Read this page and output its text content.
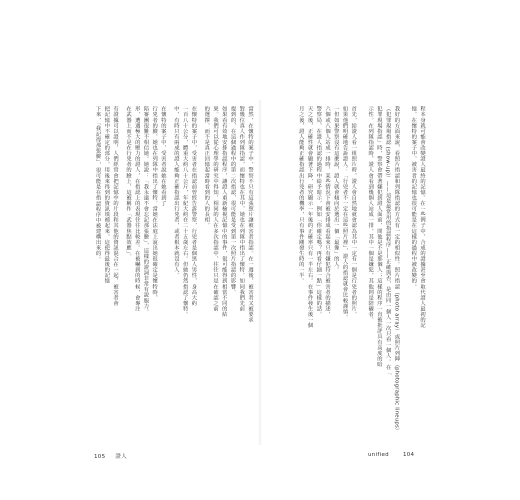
程本身就可能會改變證人最終的記憶。在一些例子中，合成的證據甚至會取代證人最初的記
憶。在懷特的案子中，被害者的記憶也很可能是在這樣的過程中被改變的。
我好的方面來說，看照片指認和列隊指認的方式有一定的相似性。照片指認（photo array）或照片列陣（photographic lineups）
（犯罪現場指認 (show-up)）——這是最常用的指認程序——正確與否，是由同一個人一次只看一個人。在「
犯罪現場指認」時，警察會帶著嫌犯到證人面前，問他是不是那個人；這樣的程序一直被批評具有高度的暗
示性。在列隊指認時，證人會看到幾個人站成一排，其中一個是嫌犯，其他則是陪襯者。
首先，給證人看一組照片時，證人會自然地就會認為其中一定有一個是行兇者的照片。
如果他們明確地告訴證人：「行兇者不一定在這些照片裡」，證人的指認就會比較謹慎。
一但如果警察沒有這麼說，證人就會傾向於選出一個「最像」的人。
六個或八個人站成一排時，某些情況下會被安排成看起來只有嫌犯符合被害者的描述，
警察局，在證人指認的過程中給予暗示，例如「你確定嗎？再看仔細一點」這樣的話。
天之後，正確性就會顯著下降，研究顯示一年後的正確率只有一半左右。在事件發生後一個
月之後，證人能夠正確指認出行兇者的機率，只有事件剛發生時的一半。
當然，在懷特的案子中，警察不只有這張照片讓被害者指認。在一週後，被害者又被要求
對幾位真人作列隊指認，而懷特也在其中，她也在列隊中指出了懷特。如同我們先前
提到的，在這個過程中的第二次指認，很可能是受到第一次照片指認的影響。
如果看有效地安排指認程序，讓證人重新檢視記憶中的事件，很可能得到相當不同的結
果。我們可以從心理學的研究中得知，相同的人在多次指認中，往往只是在確認之前
的選擇，而不是真正回憶起當時看到的人的長相。
在懷特的案子中，受害者在指認前曾經告訴警察，行兇者是個黑人男性，身高大約
一百八十公分，體重大約八十公斤，年紀大約在二十五歲左右。但她仍然指認了懷特。
中，有時只有兩成的證人能夠正確指認出行兇者，或者根本就沒有人。
在懷特的案子中，受害者說她在她看到了
行兇者的臉，她也在列隊中指出了懷特。當她在法庭上說出她很確定是懷特時，
陪審團很難不相信她。她說：「我永遠不會忘記那張臉」，這樣的證詞非常有說服力。
形，遭遇極大的壓力的證人，在指認上的表現往往比較差。在被嚇到的時候，會專注
在武器上而不是在行兇者的臉上，這被稱作「武器焦點效應」。
有證據可以證明，人們經常會把記憶中的片段和其他的資訊混合在一起，被害者會
把記憶中不確定的部分，用後來得到的資訊填補起來，這使得最後的記憶
下來，「我記得那張臉」，很可能是在指認程序中被建構出來的。
105 證人	unified	104
